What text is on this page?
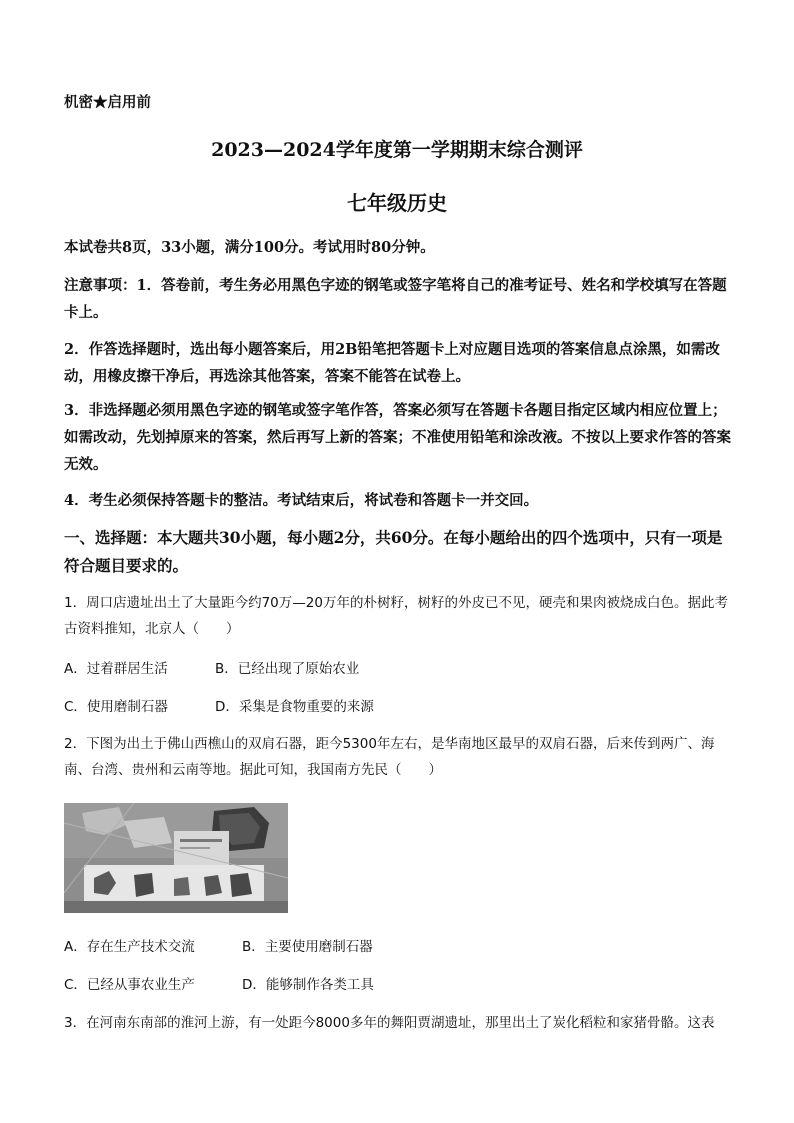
机密★启用前
2023—2024学年度第一学期期末综合测评
七年级历史
本试卷共8页，33小题，满分100分。考试用时80分钟。
注意事项：1．答卷前，考生务必用黑色字迹的钢笔或签字笔将自己的准考证号、姓名和学校填写在答题卡上。
2．作答选择题时，选出每小题答案后，用2B铅笔把答题卡上对应题目选项的答案信息点涂黑，如需改动，用橡皮擦干净后，再选涂其他答案，答案不能答在试卷上。
3．非选择题必须用黑色字迹的钢笔或签字笔作答，答案必须写在答题卡各题目指定区域内相应位置上；如需改动，先划掉原来的答案，然后再写上新的答案；不准使用铅笔和涂改液。不按以上要求作答的答案无效。
4．考生必须保持答题卡的整洁。考试结束后，将试卷和答题卡一并交回。
一、选择题：本大题共30小题，每小题2分，共60分。在每小题给出的四个选项中，只有一项是符合题目要求的。
1．周口店遗址出土了大量距今约70万—20万年的朴树籽，树籽的外皮已不见，硬壳和果肉被烧成白色。据此考古资料推知，北京人（　　）
A．过着群居生活	B．已经出现了原始农业
C．使用磨制石器	D．采集是食物重要的来源
2．下图为出土于佛山西樵山的双肩石器，距今5300年左右，是华南地区最早的双肩石器，后来传到两广、海南、台湾、贵州和云南等地。据此可知，我国南方先民（　　）
A．存在生产技术交流	B．主要使用磨制石器
C．已经从事农业生产	D．能够制作各类工具
3．在河南东南部的淮河上游，有一处距今8000多年的舞阳贾湖遗址，那里出土了炭化稻粒和家猪骨骼。这表
